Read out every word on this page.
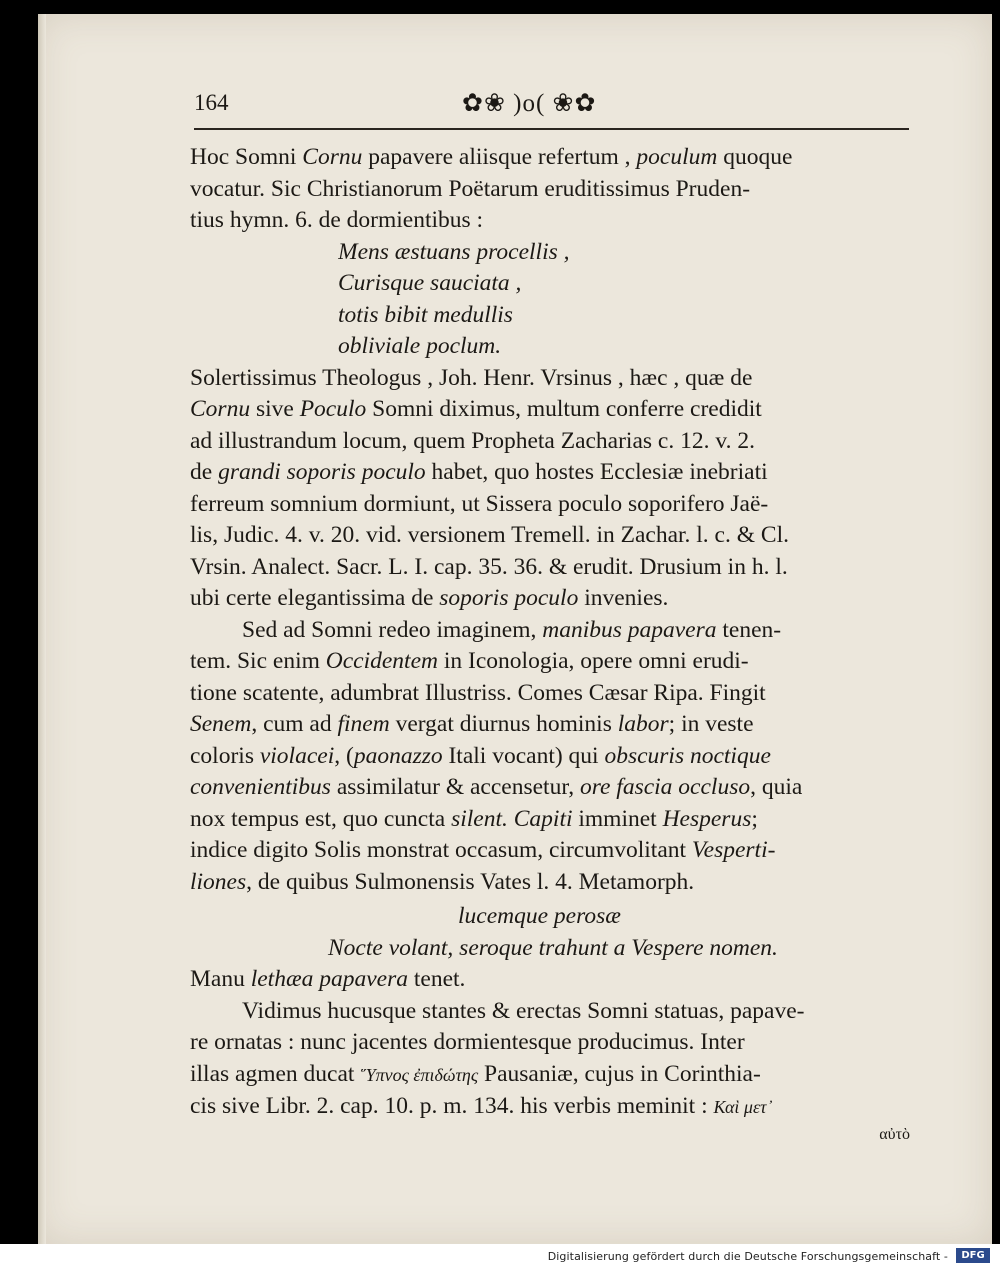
164	✿❀ )o( ❀✿

Hoc Somni Cornu papavere aliisque refertum , poculum quoque
vocatur. Sic Christianorum Poëtarum eruditissimus Pruden-
tius hymn. 6. de dormientibus :

Mens æstuans procellis ,
Curisque sauciata ,
totis bibit medullis
obliviale poclum.

Solertissimus Theologus , Joh. Henr. Vrsinus , hæc , quæ de
Cornu sive Poculo Somni diximus, multum conferre credidit
ad illustrandum locum, quem Propheta Zacharias c. 12. v. 2.
de grandi soporis poculo habet, quo hostes Ecclesiæ inebriati
ferreum somnium dormiunt, ut Sissera poculo soporifero Jaë-
lis, Judic. 4. v. 20. vid. versionem Tremell. in Zachar. l. c. & Cl.
Vrsin. Analect. Sacr. L. I. cap. 35. 36. & erudit. Drusium in h. l.
ubi certe elegantissima de soporis poculo invenies.

Sed ad Somni redeo imaginem, manibus papavera tenen-
tem. Sic enim Occidentem in Iconologia, opere omni erudi-
tione scatente, adumbrat Illustriss. Comes Cæsar Ripa. Fingit
Senem, cum ad finem vergat diurnus hominis labor; in veste
coloris violacei, (paonazzo Itali vocant) qui obscuris noctique
convenientibus assimilatur & accensetur, ore fascia occluso, quia
nox tempus est, quo cuncta silent. Capiti imminet Hesperus;
indice digito Solis monstrat occasum, circumvolitant Vesperti-
liones, de quibus Sulmonensis Vates l. 4. Metamorph.

lucemque perosæ
Nocte volant, seroque trahunt a Vespere nomen.

Manu lethæa papavera tenet.

Vidimus hucusque stantes & erectas Somni statuas, papave-
re ornatas : nunc jacentes dormientesque producimus. Inter
illas agmen ducat Ὕπνος ἐπιδώτης Pausaniæ, cujus in Corinthia-
cis sive Libr. 2. cap. 10. p. m. 134. his verbis meminit : Καὶ μετ᾽
αὐτὸ

Digitalisierung gefördert durch die Deutsche Forschungsgemeinschaft -	DFG
